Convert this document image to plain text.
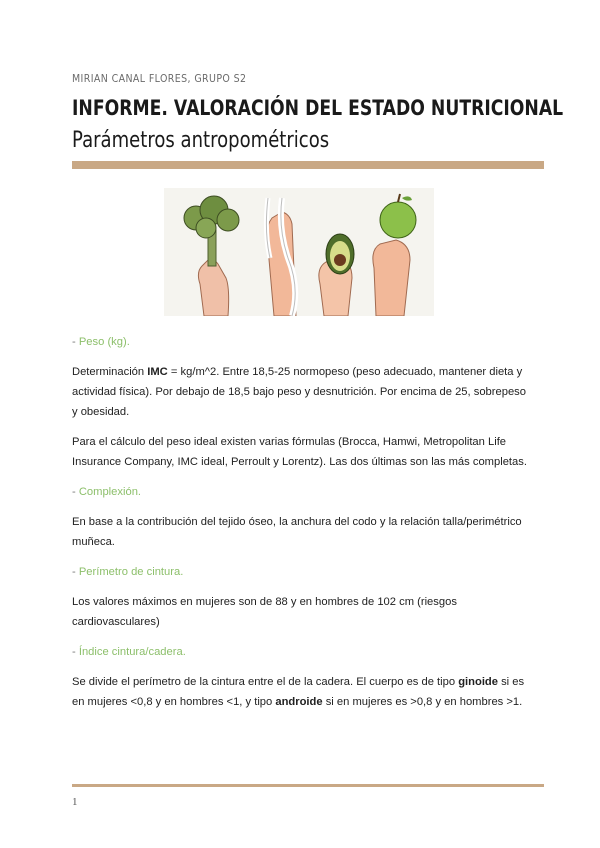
MIRIAN CANAL FLORES, GRUPO S2
INFORME. VALORACIÓN DEL ESTADO NUTRICIONAL
Parámetros antropométricos

- Peso (kg).

Determinación IMC = kg/m^2. Entre 18,5-25 normopeso (peso adecuado, mantener dieta y actividad física). Por debajo de 18,5 bajo peso y desnutrición. Por encima de 25, sobrepeso y obesidad.

Para el cálculo del peso ideal existen varias fórmulas (Brocca, Hamwi, Metropolitan Life Insurance Company, IMC ideal, Perroult y Lorentz). Las dos últimas son las más completas.

- Complexión.

En base a la contribución del tejido óseo, la anchura del codo y la relación talla/perimétrico muñeca.

- Perímetro de cintura.

Los valores máximos en mujeres son de 88 y en hombres de 102 cm (riesgos cardiovasculares)

- Índice cintura/cadera.

Se divide el perímetro de la cintura entre el de la cadera. El cuerpo es de tipo ginoide si es en mujeres <0,8 y en hombres <1, y tipo androide si en mujeres es >0,8 y en hombres >1.

1
